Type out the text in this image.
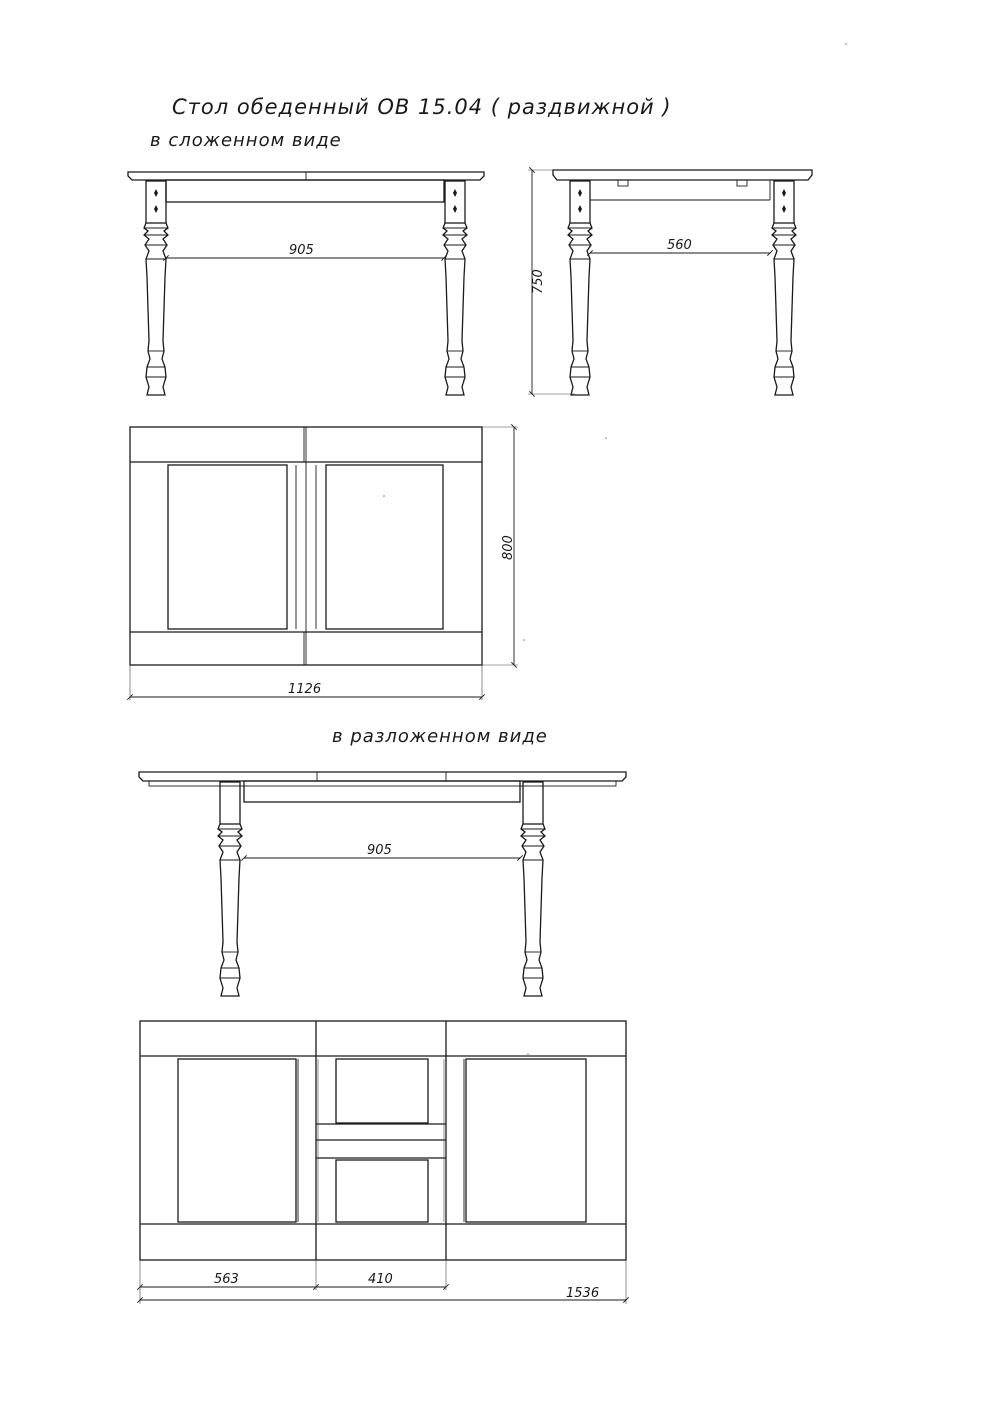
Стол обеденный ОВ 15.04 ( раздвижной )
в сложенном виде
905	560
750
800
1126
в разложенном виде
905
563	410
1536
